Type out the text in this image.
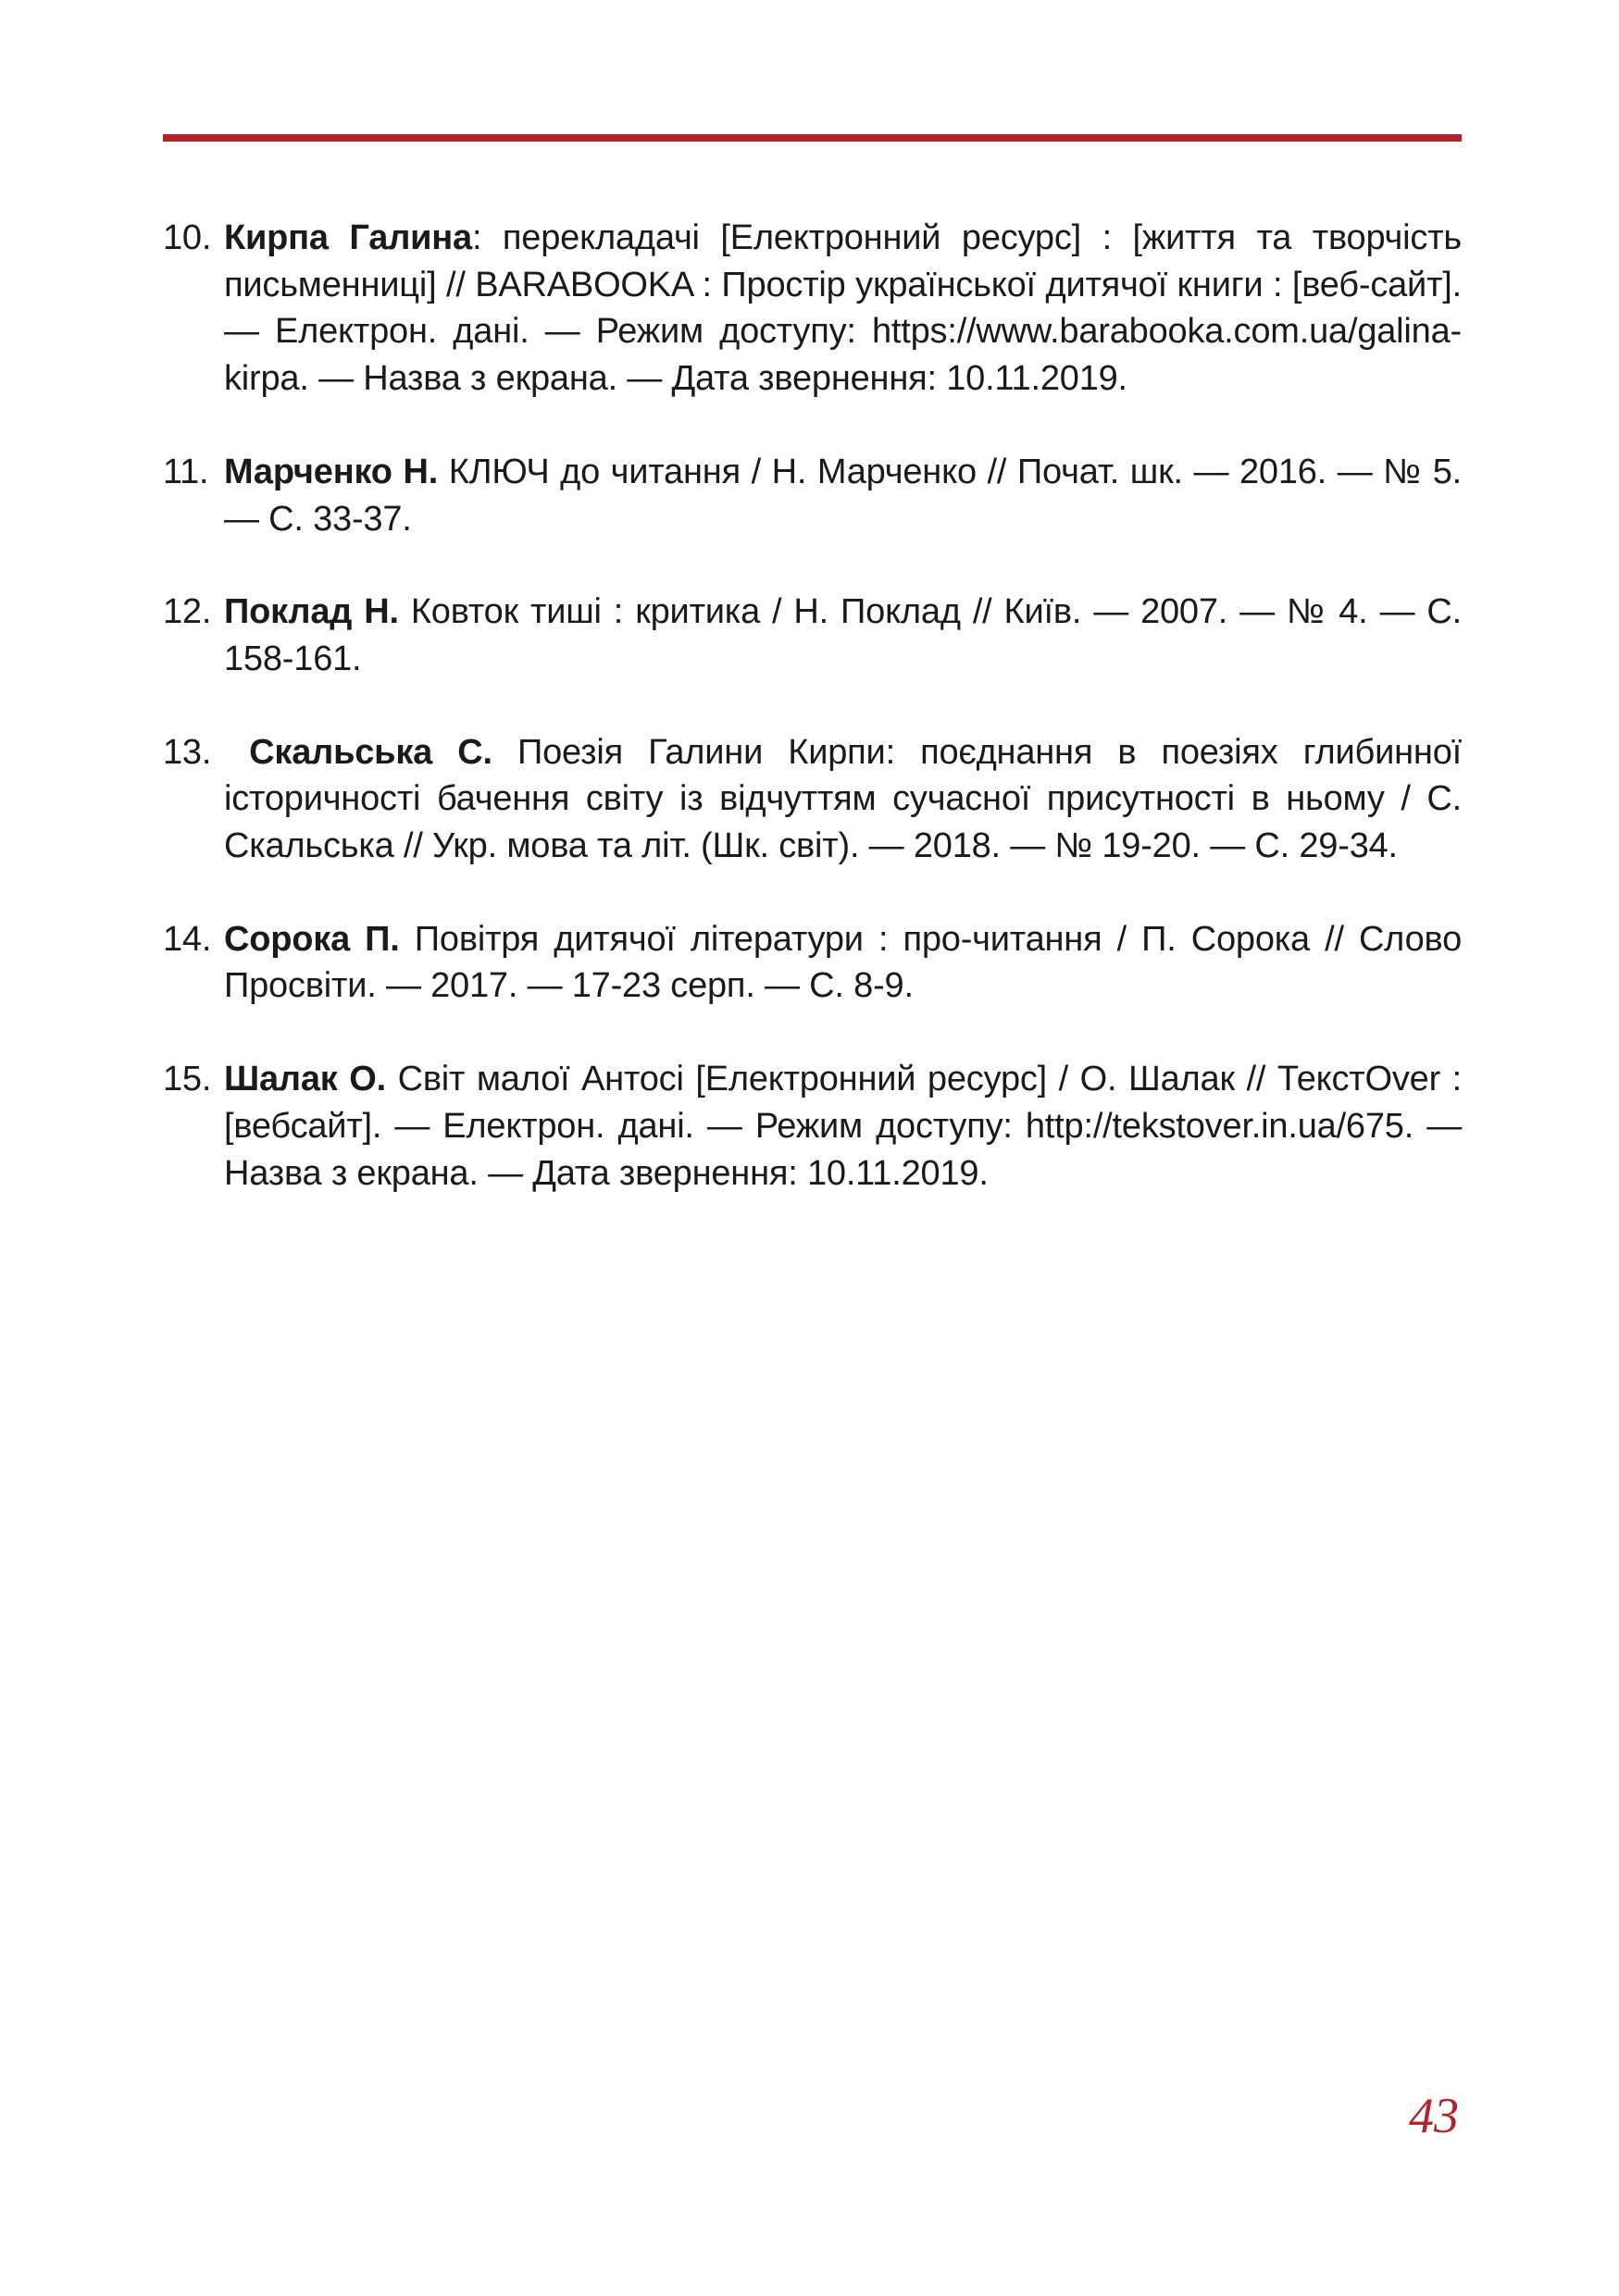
10. Кирпа Галина: перекладачі [Електронний ресурс] : [життя та творчість письменниці] // BARABOOKA : Простір української дитячої книги : [веб-сайт]. — Електрон. дані. — Режим доступу: https://www.barabooka.com.ua/galina-kirpa. — Назва з екрана. — Дата звернення: 10.11.2019.
11. Марченко Н. КЛЮЧ до читання / Н. Марченко // Почат. шк. — 2016. — № 5. — С. 33-37.
12. Поклад Н. Ковток тиші : критика / Н. Поклад // Київ. — 2007. — № 4. — С. 158-161.
13. Скальська С. Поезія Галини Кирпи: поєднання в поезіях глибинної історичності бачення світу із відчуттям сучасної присутності в ньому / С. Скальська // Укр. мова та літ. (Шк. світ). — 2018. — № 19-20. — С. 29-34.
14. Сорока П. Повітря дитячої літератури : про-читання / П. Сорока // Слово Просвіти. — 2017. — 17-23 серп. — С. 8-9.
15. Шалак О. Світ малої Антосі [Електронний ресурс] / О. Шалак // ТекстOver : [вебсайт]. — Електрон. дані. — Режим доступу: http://tekstover.in.ua/675. — Назва з екрана. — Дата звернення: 10.11.2019.
43
